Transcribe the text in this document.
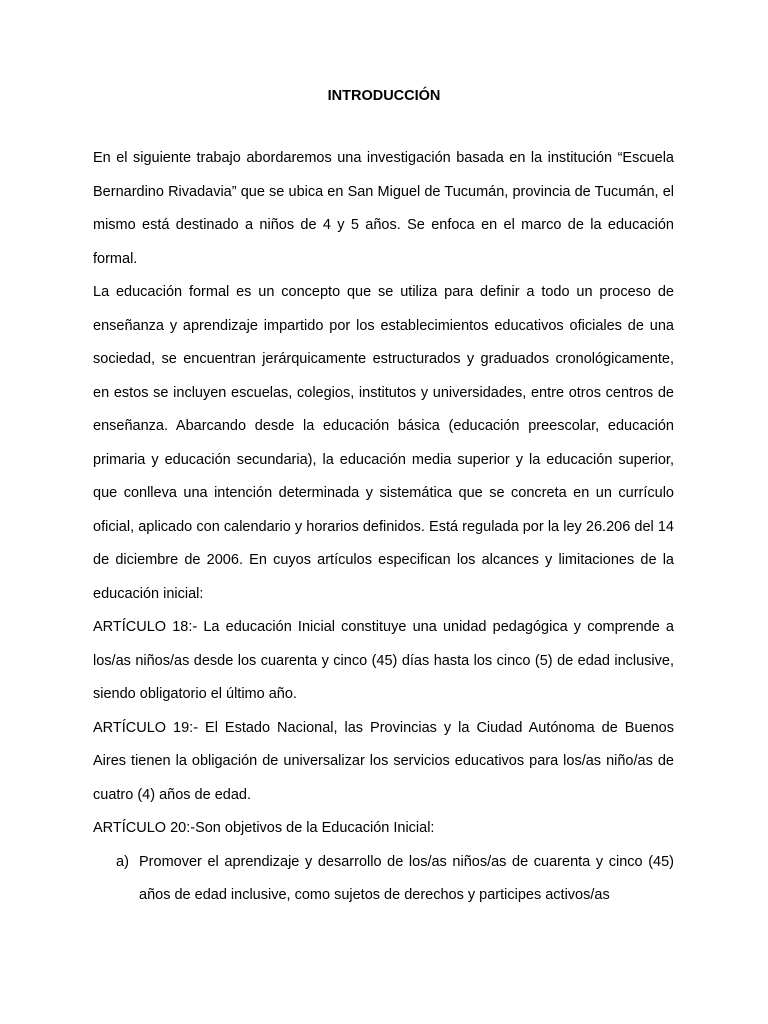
INTRODUCCIÓN

En el siguiente trabajo abordaremos una investigación basada en la institución “Escuela Bernardino Rivadavia” que se ubica en San Miguel de Tucumán, provincia de Tucumán, el mismo está destinado a niños de 4 y 5 años. Se enfoca en el marco de la educación formal.

La educación formal es un concepto que se utiliza para definir a todo un proceso de enseñanza y aprendizaje impartido por los establecimientos educativos oficiales de una sociedad, se encuentran jerárquicamente estructurados y graduados cronológicamente, en estos se incluyen escuelas, colegios, institutos y universidades, entre otros centros de enseñanza. Abarcando desde la educación básica (educación preescolar, educación primaria y educación secundaria), la educación media superior y la educación superior, que conlleva una intención determinada y sistemática que se concreta en un currículo oficial, aplicado con calendario y horarios definidos. Está regulada por la ley 26.206 del 14 de diciembre de 2006. En cuyos artículos especifican los alcances y limitaciones de la educación inicial:

ARTÍCULO 18:- La educación Inicial constituye una unidad pedagógica y comprende a los/as niños/as desde los cuarenta y cinco (45) días hasta los cinco (5) de edad inclusive, siendo obligatorio el último año.

ARTÍCULO 19:- El Estado Nacional, las Provincias y la Ciudad Autónoma de Buenos Aires tienen la obligación de universalizar los servicios educativos para los/as niño/as de cuatro (4) años de edad.

ARTÍCULO 20:-Son objetivos de la Educación Inicial:

a) Promover el aprendizaje y desarrollo de los/as niños/as de cuarenta y cinco (45) años de edad inclusive, como sujetos de derechos y participes activos/as
